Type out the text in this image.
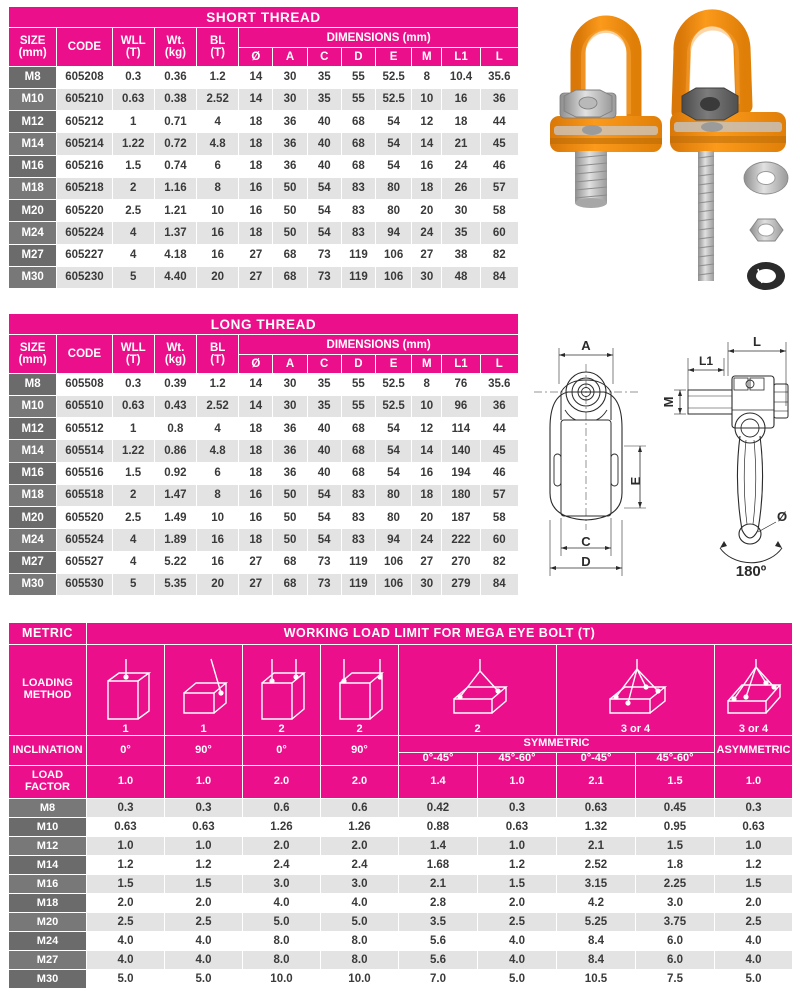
SHORT THREAD												

SIZE
(mm)
	CODE	
WLL
(T)

Wt.
(kg)

BL
(T)
	DIMENSIONS (mm)
					Ø	A	C	D	E	M	L1	L
M8	605208	0.3	0.36	1.2	14	30	35	55	52.5	8	10.4	35.6
M10	605210	0.63	0.38	2.52	14	30	35	55	52.5	10	16	36
M12	605212	1	0.71	4	18	36	40	68	54	12	18	44
M14	605214	1.22	0.72	4.8	18	36	40	68	54	14	21	45
M16	605216	1.5	0.74	6	18	36	40	68	54	16	24	46
M18	605218	2	1.16	8	16	50	54	83	80	18	26	57
M20	605220	2.5	1.21	10	16	50	54	83	80	20	30	58
M24	605224	4	1.37	16	18	50	54	83	94	24	35	60
M27	605227	4	4.18	16	27	68	73	119	106	27	38	82
M30	605230	5	4.40	20	27	68	73	119	106	30	48	84
LONG THREAD												

SIZE
(mm)
	CODE	
WLL
(T)

Wt.
(kg)

BL
(T)
	DIMENSIONS (mm)
					Ø	A	C	D	E	M	L1	L
M8	605508	0.3	0.39	1.2	14	30	35	55	52.5	8	76	35.6
M10	605510	0.63	0.43	2.52	14	30	35	55	52.5	10	96	36
M12	605512	1	0.8	4	18	36	40	68	54	12	114	44
M14	605514	1.22	0.86	4.8	18	36	40	68	54	14	140	45
M16	605516	1.5	0.92	6	18	36	40	68	54	16	194	46
M18	605518	2	1.47	8	16	50	54	83	80	18	180	57
M20	605520	2.5	1.49	10	16	50	54	83	80	20	187	58
M24	605524	4	1.89	16	18	50	54	83	94	24	222	60
M27	605527	4	5.22	16	27	68	73	119	106	27	270	82
M30	605530	5	5.35	20	27	68	73	119	106	30	279	84
METRIC	WORKING LOAD LIMIT FOR MEGA EYE BOLT (T)								

LOADING
METHOD	1	1	2	2	2		3 or 4		3 or 4

INCLINATION	0°	90°	0°	90°	SYMMETRIC				ASYMMETRIC
					0°-45°	45°-60°	0°-45°	45°-60°	

LOAD
FACTOR	1.0	1.0	2.0	2.0	1.4	1.0	2.1	1.5	1.0
M8	0.3	0.3	0.6	0.6	0.42	0.3	0.63	0.45	0.3
M10	0.63	0.63	1.26	1.26	0.88	0.63	1.32	0.95	0.63
M12	1.0	1.0	2.0	2.0	1.4	1.0	2.1	1.5	1.0
M14	1.2	1.2	2.4	2.4	1.68	1.2	2.52	1.8	1.2
M16	1.5	1.5	3.0	3.0	2.1	1.5	3.15	2.25	1.5
M18	2.0	2.0	4.0	4.0	2.8	2.0	4.2	3.0	2.0
M20	2.5	2.5	5.0	5.0	3.5	2.5	5.25	3.75	2.5
M24	4.0	4.0	8.0	8.0	5.6	4.0	8.4	6.0	4.0
M27	4.0	4.0	8.0	8.0	5.6	4.0	8.4	6.0	4.0
M30	5.0	5.0	10.0	10.0	7.0	5.0	10.5	7.5	5.0
A
E
C
D
L
L1
M
Ø
180º
